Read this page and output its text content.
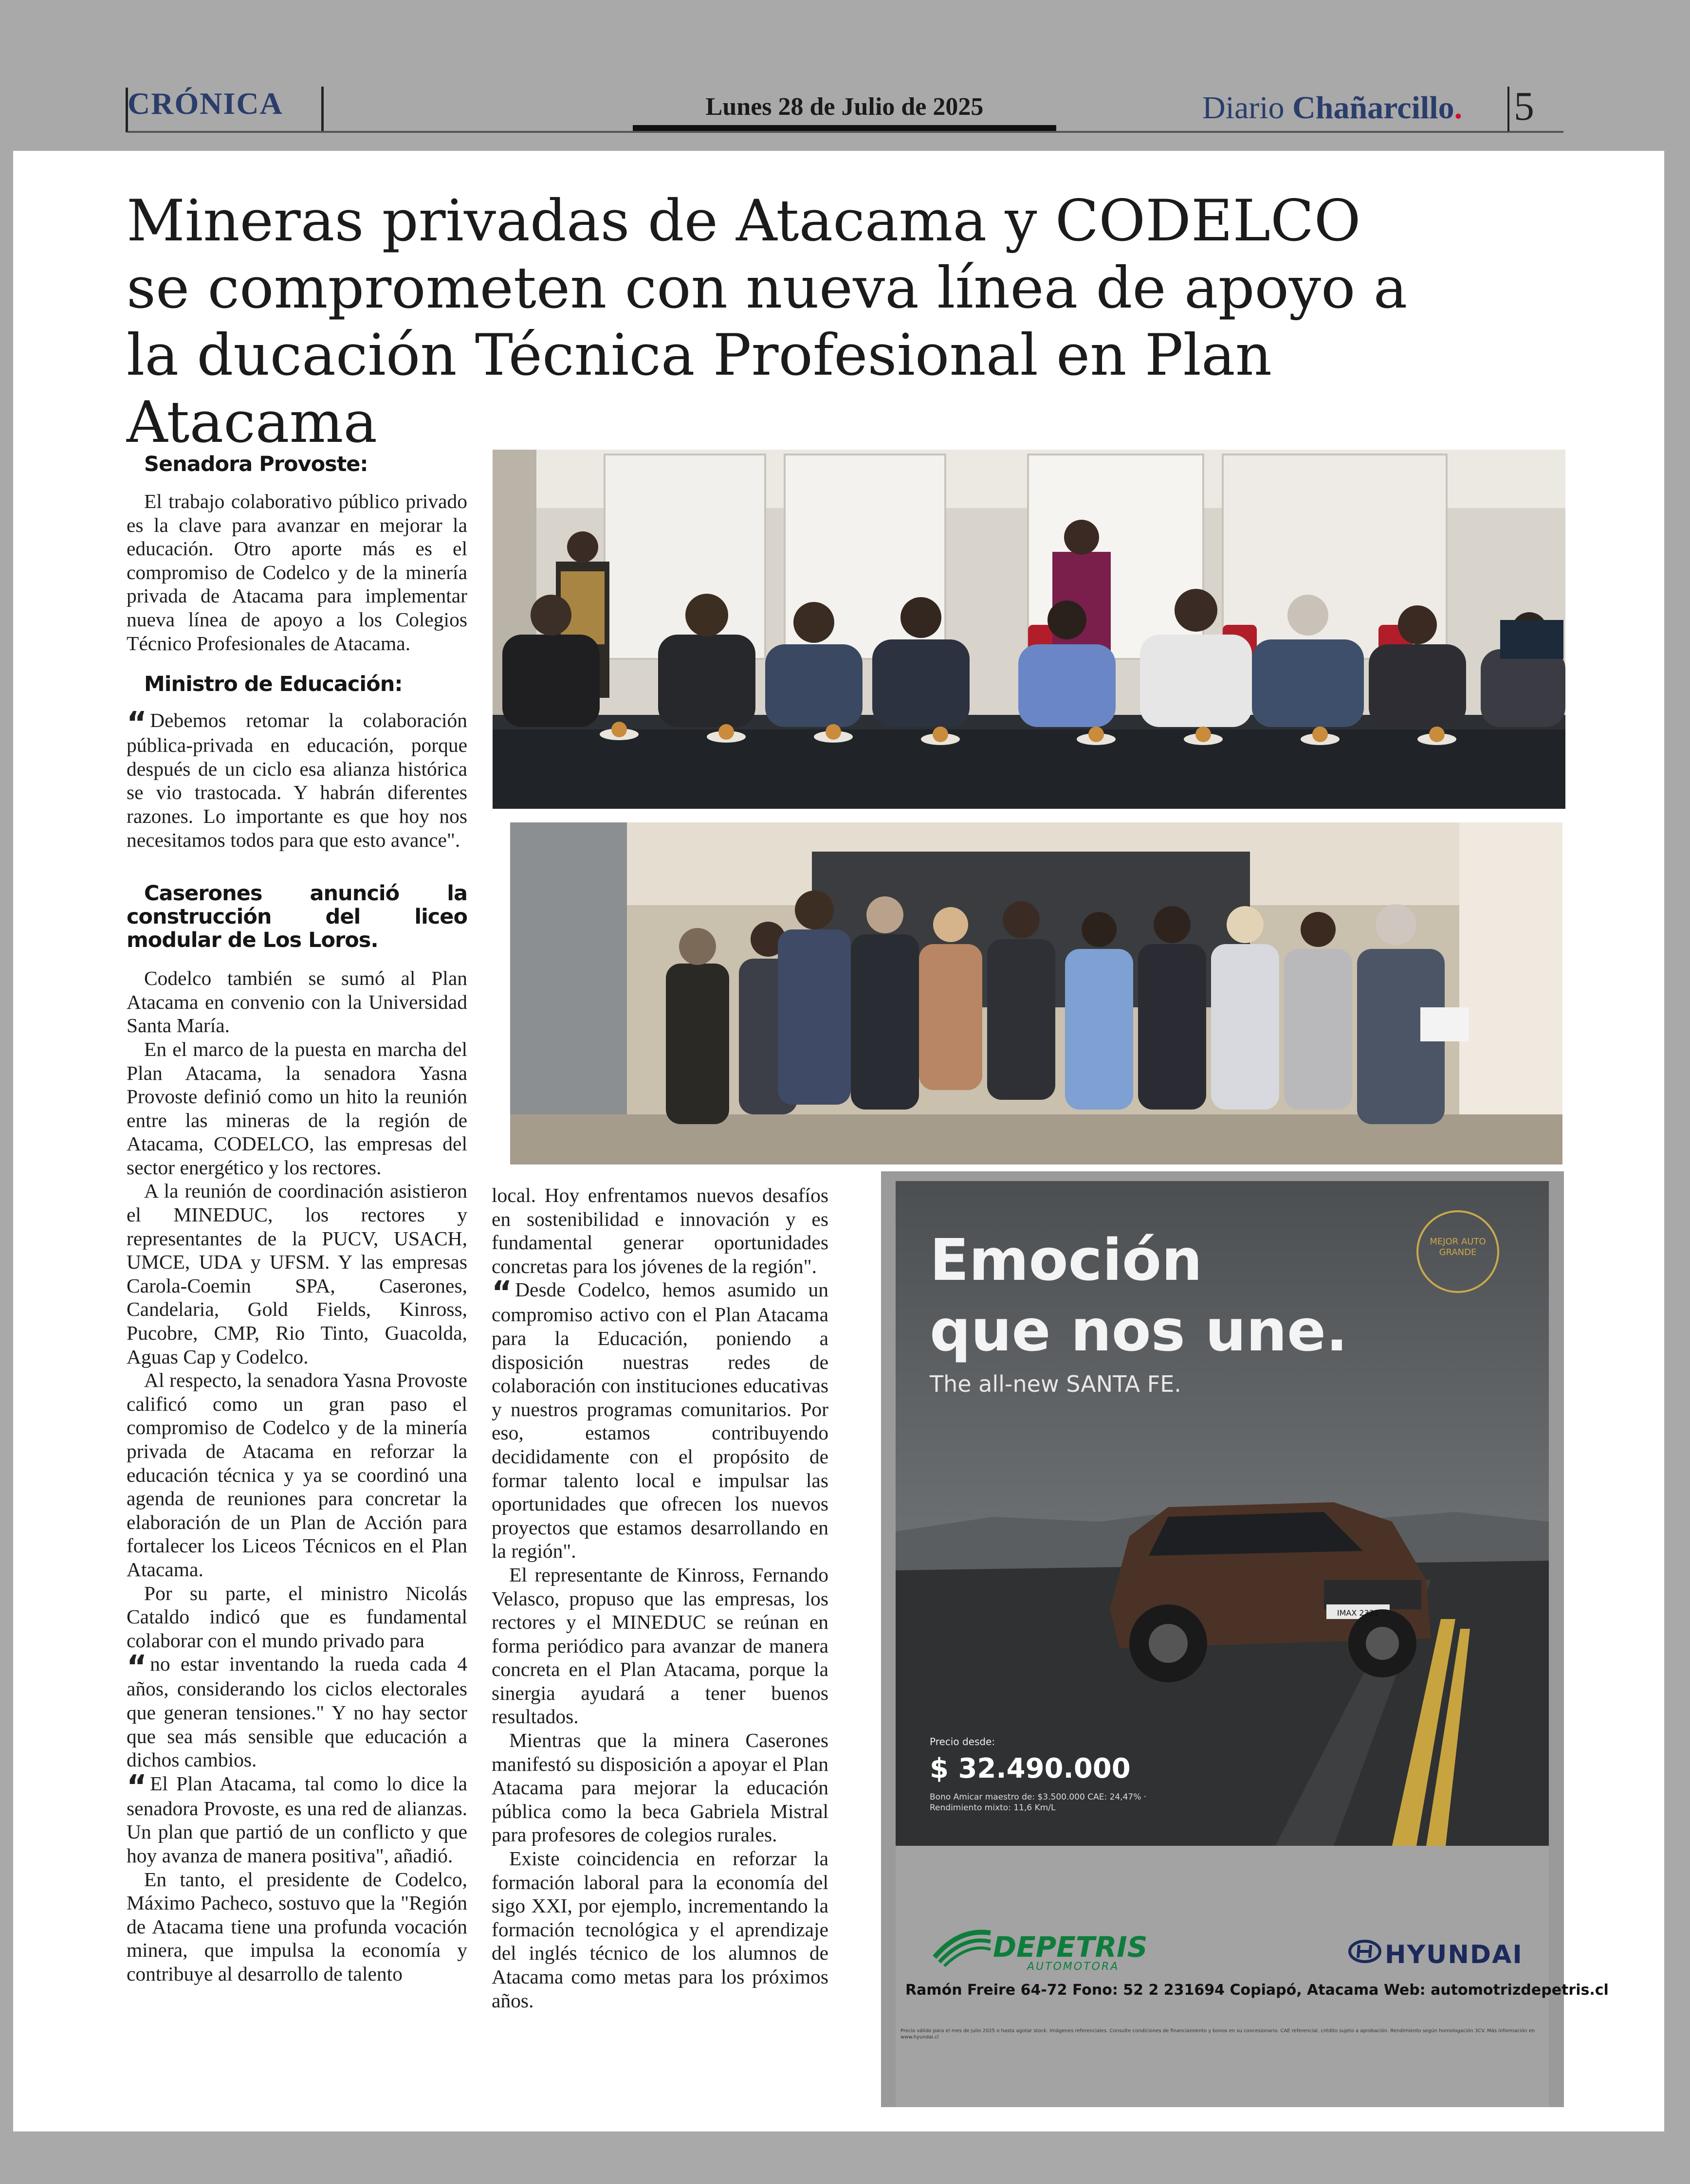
CRÓNICA	Lunes 28 de Julio de 2025	Diario Chañarcillo. 5
Mineras privadas de Atacama y CODELCO se comprometen con nueva línea de apoyo a la ducación Técnica Profesional en Plan Atacama

Senadora Provoste:

El trabajo colaborativo público privado es la clave para avanzar en mejorar la educación. Otro aporte más es el compromiso de Codelco y de la minería privada de Atacama para implementar nueva línea de apoyo a los Colegios Técnico Profesionales de Atacama.

Ministro de Educación:

“ Debemos retomar la colaboración pública-privada en educación, porque después de un ciclo esa alianza histórica se vio trastocada. Y habrán diferentes razones. Lo importante es que hoy nos necesitamos todos para que esto avance".

Caserones anunció la construcción del liceo modular de Los Loros.

Codelco también se sumó al Plan Atacama en convenio con la Universidad Santa María.

En el marco de la puesta en marcha del Plan Atacama, la senadora Yasna Provoste definió como un hito la reunión entre las mineras de la región de Atacama, CODELCO, las empresas del sector energético y los rectores.

A la reunión de coordinación asistieron el MINEDUC, los rectores y representantes de la PUCV, USACH, UMCE, UDA y UFSM. Y las empresas Carola-Coemin SPA, Caserones, Candelaria, Gold Fields, Kinross, Pucobre, CMP, Rio Tinto, Guacolda, Aguas Cap y Codelco.

Al respecto, la senadora Yasna Provoste calificó como un gran paso el compromiso de Codelco y de la minería privada de Atacama en reforzar la educación técnica y ya se coordinó una agenda de reuniones para concretar la elaboración de un Plan de Acción para fortalecer los Liceos Técnicos en el Plan Atacama.

Por su parte, el ministro Nicolás Cataldo indicó que es fundamental colaborar con el mundo privado para

“ no estar inventando la rueda cada 4 años, considerando los ciclos electorales que generan tensiones." Y no hay sector que sea más sensible que educación a dichos cambios.

“ El Plan Atacama, tal como lo dice la senadora Provoste, es una red de alianzas. Un plan que partió de un conflicto y que hoy avanza de manera positiva", añadió.

En tanto, el presidente de Codelco, Máximo Pacheco, sostuvo que la "Región de Atacama tiene una profunda vocación minera, que impulsa la economía y contribuye al desarrollo de talento

local. Hoy enfrentamos nuevos desafíos en sostenibilidad e innovación y es fundamental generar oportunidades concretas para los jóvenes de la región".

“ Desde Codelco, hemos asumido un compromiso activo con el Plan Atacama para la Educación, poniendo a disposición nuestras redes de colaboración con instituciones educativas y nuestros programas comunitarios. Por eso, estamos contribuyendo decididamente con el propósito de formar talento local e impulsar las oportunidades que ofrecen los nuevos proyectos que estamos desarrollando en la región".

El representante de Kinross, Fernando Velasco, propuso que las empresas, los rectores y el MINEDUC se reúnan en forma periódico para avanzar de manera concreta en el Plan Atacama, porque la sinergia ayudará a tener buenos resultados.

Mientras que la minera Caserones manifestó su disposición a apoyar el Plan Atacama para mejorar la educación pública como la beca Gabriela Mistral para profesores de colegios rurales.

Existe coincidencia en reforzar la formación laboral para la economía del sigo XXI, por ejemplo, incrementando la formación tecnológica y el aprendizaje del inglés técnico de los alumnos de Atacama como metas para los próximos años.

Emoción
que nos une.
The all-new SANTA FE.
MEJOR AUTO GRANDE
IMAX 2331
Precio desde:
$ 32.490.000
Bono Amicar maestro de: $3.500.000 CAE: 24,47% · Rendimiento mixto: 11,6 Km/L
DEPETRIS
AUTOMOTORA	HYUNDAI
Ramón Freire 64-72 Fono: 52 2 231694 Copiapó, Atacama Web: automotrizdepetris.cl
Precio válido para el mes de julio 2025 o hasta agotar stock. Imágenes referenciales. Consulte condiciones de financiamiento y bonos en su concesionario. CAE referencial, crédito sujeto a aprobación. Rendimiento según homologación 3CV. Más información en www.hyundai.cl
